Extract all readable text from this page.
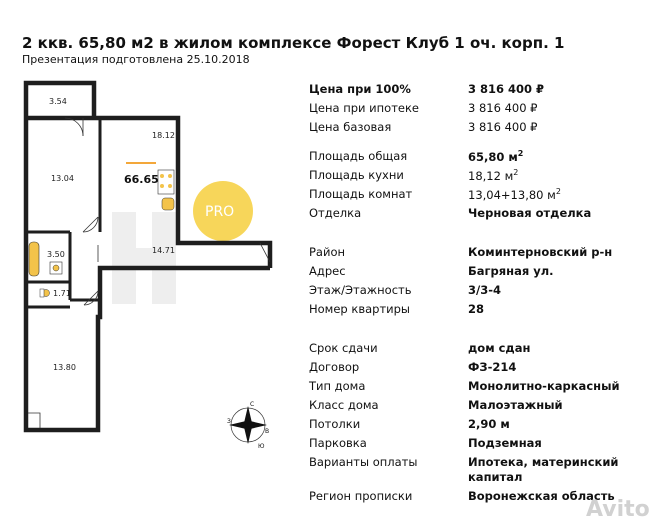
2 ккв. 65,80 м2 в жилом комплексе Форест Клуб 1 оч. корп. 1
Презентация подготовлена 25.10.2018
PRO
3.54
18.12
13.04
3.50	14.71
1.71
13.80
66.65
С
Ю
З
В
Цена при 100%	3 816 400 ₽
Цена при ипотеке	3 816 400 ₽
Цена базовая	3 816 400 ₽
Площадь общая	65,80 $м^2$
Площадь кухни	18,12 $м^2$
Площадь комнат	13,04+13,80 $м^2$
Отделка	Черновая отделка
Район	Коминтерновский р-н
Адрес	Багряная ул.
Этаж/Этажность	3/3-4
Номер квартиры	28
Срок сдачи	дом сдан
Договор	ФЗ-214
Тип дома	Монолитно-каркасный
Класс дома	Малоэтажный
Потолки	2,90 м
Парковка	Подземная
Варианты оплаты	Ипотека, материнский
капитал
Регион прописки	Воронежская область
Avito
